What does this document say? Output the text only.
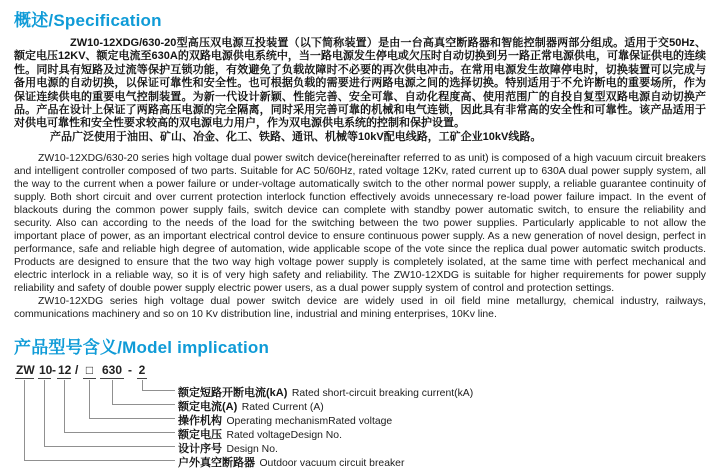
概述/Specification

ZW10-12XDG/630-20型高压双电源互投装置（以下简称装置）是由一台高真空断路器和智能控制器两部分组成。适用于交50Hz、额定电压12KV、额定电流至630A的双路电源供电系统中，当一路电源发生停电或欠压时自动切换到另一路正常电源供电，可靠保证供电的连续性。同时具有短路及过流等保护互锁功能，有效避免了负载故障时不必要的再次供电冲击。在常用电源发生故障停电时，切换装置可以完成与备用电源的自动切换，以保证可靠性和安全性。也可根据负载的需要进行两路电源之间的选择切换。特别适用于不允许断电的重要场所，作为保证连续供电的重要电气控制装置。为新一代设计新颖、性能完善、安全可靠、自动化程度高、使用范围广的自投自复型双路电源自动切换产品。产品在设计上保证了两路高压电源的完全隔离，同时采用完善可靠的机械和电气连锁，因此具有非常高的安全性和可靠性。该产品适用于对供电可靠性和安全性要求较高的双电源电力用户，作为双电源供电系统的控制和保护设置。

产品广泛使用于油田、矿山、冶金、化工、铁路、通讯、机械等10kV配电线路，工矿企业10kV线路。

ZW10-12XDG/630-20 series high voltage dual power switch device(hereinafter referred to as unit) is composed of a high vacuum circuit breakers and intelligent controller composed of two parts. Suitable for AC 50/60Hz, rated voltage 12Kv, rated current up to 630A dual power supply system, all the way to the current when a power failure or under-voltage automatically switch to the other normal power supply, a reliable guarantee continuity of supply. Both short circuit and over current protection interlock function effectively avoids unnecessary re-load power failure impact. In the event of blackouts during the common power supply fails, switch device can complete with standby power automatic switch, to ensure the reliability and security. Also can according to the needs of the load for the switching between the two power supplies. Particularly applicable to not allow the important place of power, as an important electrical control device to ensure continuous power supply. As a new generation of novel design, perfect in performance, safe and reliable high degree of automation, wide applicable scope of the vote since the replica dual power automatic switch products. Products are designed to ensure that the two way high voltage power supply is completely isolated, at the same time with perfect mechanical and electric interlock in a reliable way, so it is of very high safety and reliability. The ZW10-12XDG is suitable for higher requirements for power supply reliability and safety of double power supply electric power users, as a dual power supply system of control and protection settings.

ZW10-12XDG series high voltage dual power switch device are widely used in oil field mine metallurgy, chemical industry, railways, communications machinery and so on 10 Kv distribution line, industrial and mining enterprises, 10Kv line.

产品型号含义/Model implication
ZW 10 - 12 / □ 630 - 2
额定短路开断电流(kA) Rated short-circuit breaking current(kA)
额定电流(A) Rated Current (A)
操作机构 Operating mechanismRated voltage
额定电压 Rated voltageDesign No.
设计序号 Design No.
户外真空断路器 Outdoor vacuum circuit breaker
